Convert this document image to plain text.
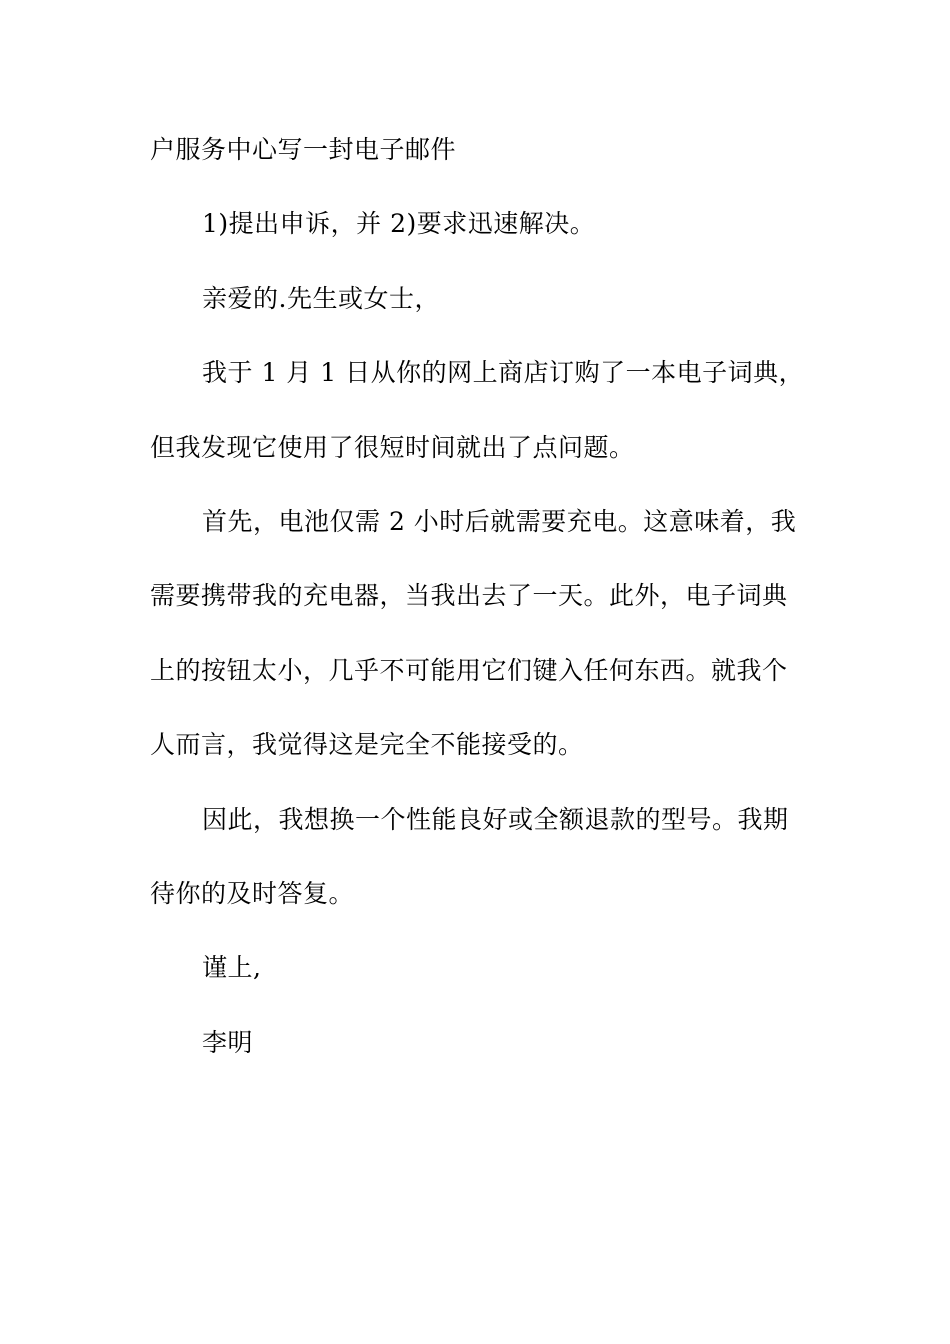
户服务中心写一封电子邮件
1)提出申诉，并 2)要求迅速解决。
亲爱的.先生或女士，
我于 1 月 1 日从你的网上商店订购了一本电子词典，
但我发现它使用了很短时间就出了点问题。
首先，电池仅需 2 小时后就需要充电。这意味着，我
需要携带我的充电器，当我出去了一天。此外，电子词典
上的按钮太小，几乎不可能用它们键入任何东西。就我个
人而言，我觉得这是完全不能接受的。
因此，我想换一个性能良好或全额退款的型号。我期
待你的及时答复。
谨上,
李明
